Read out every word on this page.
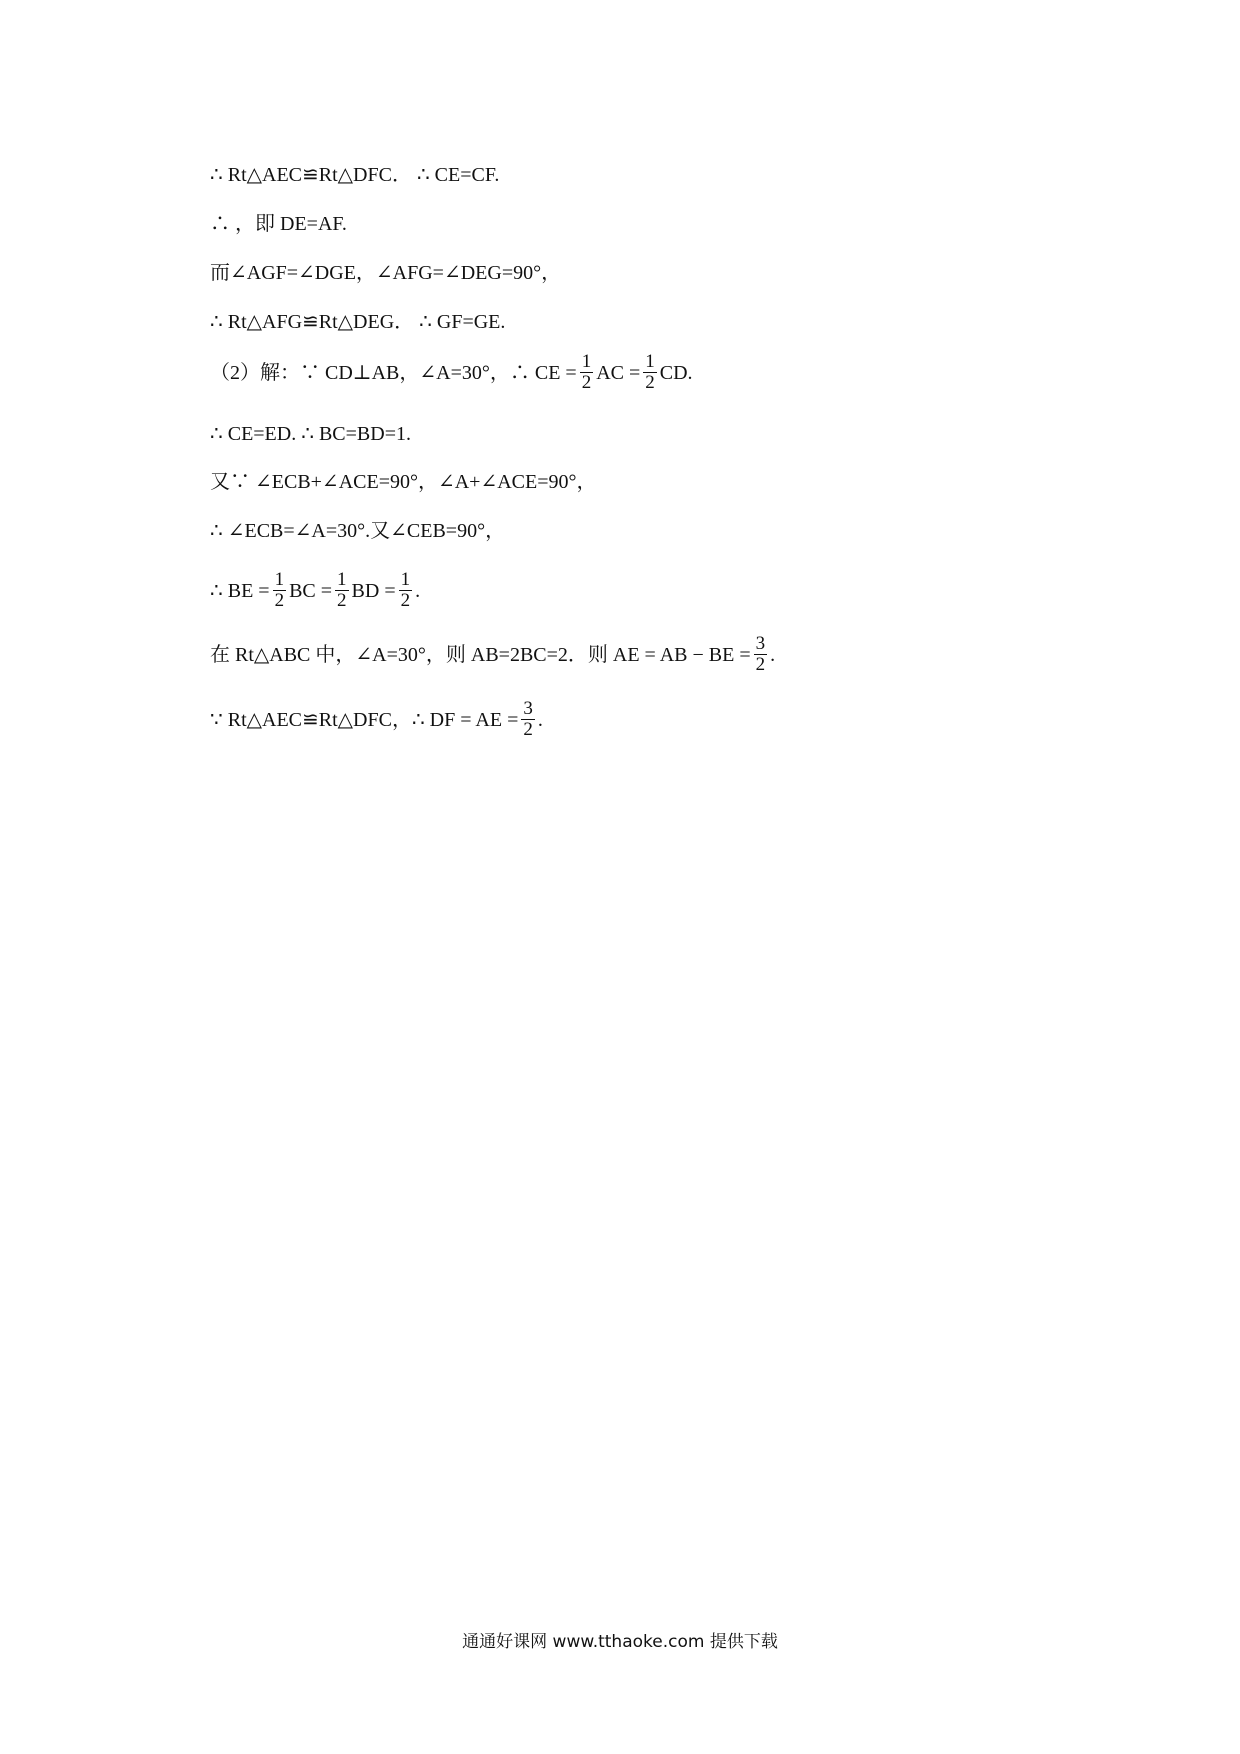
∴ Rt△AEC≌Rt△DFC． ∴ CE=CF.
∴ ，即 DE=AF.
而∠AGF=∠DGE，∠AFG=∠DEG=90°，
∴ Rt△AFG≌Rt△DEG． ∴ GF=GE.
（2）解：∵ CD⊥AB，∠A=30°，∴ CE = $\frac{1}{2}$ AC = $\frac{1}{2}$ CD.
∴ CE=ED. ∴ BC=BD=1.
又∵ ∠ECB+∠ACE=90°，∠A+∠ACE=90°，
∴ ∠ECB=∠A=30°.又∠CEB=90°，
∴ BE = $\frac{1}{2}$ BC = $\frac{1}{2}$ BD = $\frac{1}{2}$ .
在 Rt△ABC 中，∠A=30°，则 AB=2BC=2．则 AE = AB − BE = $\frac{3}{2}$ .
∵ Rt△AEC≌Rt△DFC，∴ DF = AE = $\frac{3}{2}$ .
通通好课网 www.tthaoke.com 提供下载
